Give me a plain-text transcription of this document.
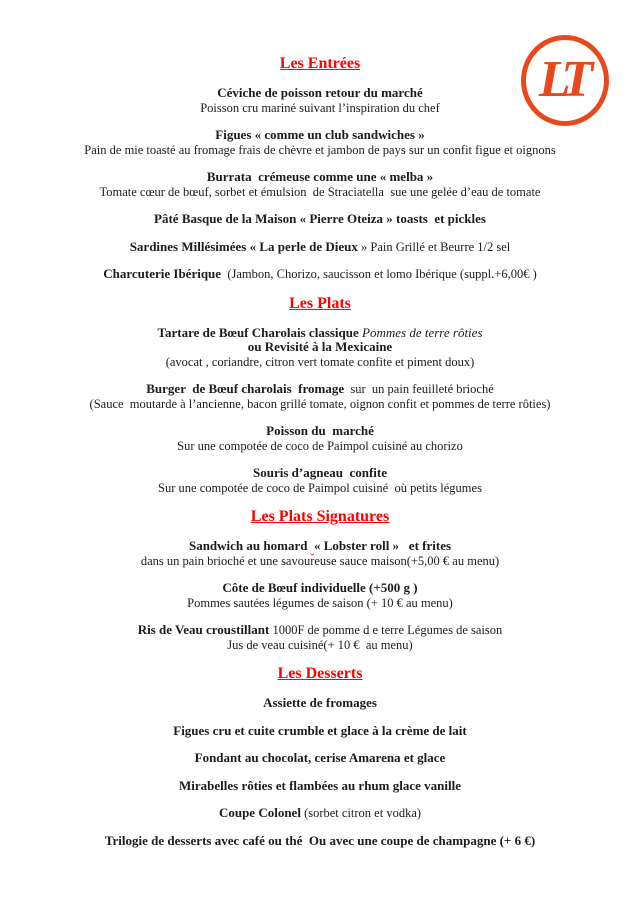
LT
Les Entrées
Céviche de poisson retour du marché
Poisson cru mariné suivant l’inspiration du chef
Figues « comme un club sandwiches »
Pain de mie toasté au fromage frais de chèvre et jambon de pays sur un confit figue et oignons
Burrata  crémeuse comme une « melba »
Tomate cœur de bœuf, sorbet et émulsion  de Straciatella  sue une gelée d’eau de tomate
Pâté Basque de la Maison « Pierre Oteiza » toasts  et pickles
Sardines Millésimées « La perle de Dieux » Pain Grillé et Beurre 1/2 sel
Charcuterie Ibérique  (Jambon, Chorizo, saucisson et lomo Ibérique (suppl.+6,00€ )
Les Plats
Tartare de Bœuf Charolais classique Pommes de terre rôties
ou Revisité à la Mexicaine
(avocat , coriandre, citron vert tomate confite et piment doux)
Burger  de Bœuf charolais  fromage  sur  un pain feuilleté brioché
(Sauce  moutarde à l’ancienne, bacon grillé tomate, oignon confit et pommes de terre rôties)
Poisson du  marché
Sur une compotée de coco de Paimpol cuisiné au chorizo
Souris d’agneau  confite
Sur une compotée de coco de Paimpol cuisiné  où petits légumes
Les Plats Signatures
Sandwich au homard  « Lobster roll »   et frites
dans un pain brioché et une savoureuse sauce maison(+5,00 € au menu)
Côte de Bœuf individuelle (+500 g )
Pommes sautées légumes de saison (+ 10 € au menu)
Ris de Veau croustillant 1000F de pomme d e terre Légumes de saison
Jus de veau cuisiné(+ 10 €  au menu)
Les Desserts
Assiette de fromages
Figues cru et cuite crumble et glace à la crème de lait
Fondant au chocolat, cerise Amarena et glace
Mirabelles rôties et flambées au rhum glace vanille
Coupe Colonel (sorbet citron et vodka)
Trilogie de desserts avec café ou thé  Ou avec une coupe de champagne (+ 6 €)
